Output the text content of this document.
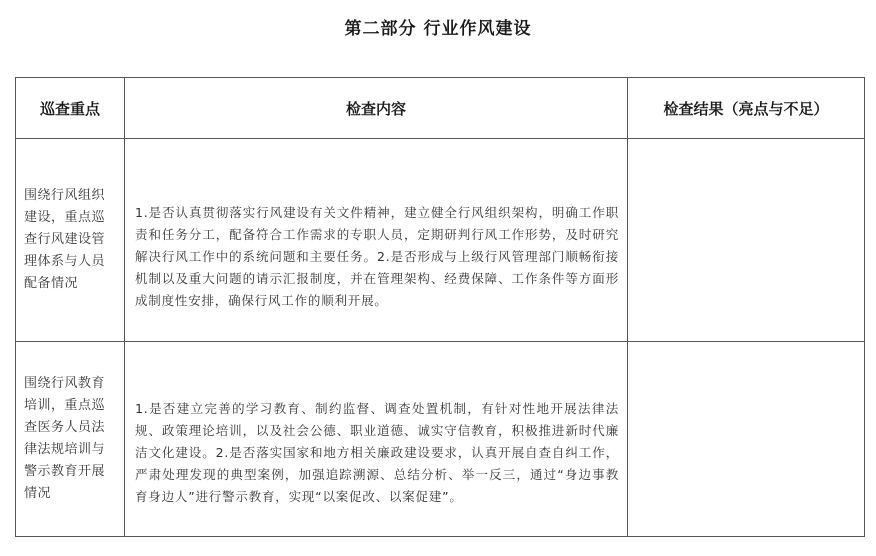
第二部分 行业作风建设
巡查重点	检查内容	检查结果（亮点与不足）

围绕行风组织建设，重点巡查行风建设管理体系与人员配备情况	1.是否认真贯彻落实行风建设有关文件精神，建立健全行风组织架构，明确工作职责和任务分工，配备符合工作需求的专职人员，定期研判行风工作形势，及时研究解决行风工作中的系统问题和主要任务。2.是否形成与上级行风管理部门顺畅衔接机制以及重大问题的请示汇报制度，并在管理架构、经费保障、工作条件等方面形成制度性安排，确保行风工作的顺利开展。	

围绕行风教育培训，重点巡查医务人员法律法规培训与警示教育开展情况	1.是否建立完善的学习教育、制约监督、调查处置机制，有针对性地开展法律法规、政策理论培训，以及社会公德、职业道德、诚实守信教育，积极推进新时代廉洁文化建设。2.是否落实国家和地方相关廉政建设要求，认真开展自查自纠工作，严肃处理发现的典型案例，加强追踪溯源、总结分析、举一反三，通过“身边事教育身边人”进行警示教育，实现“以案促改、以案促建”。	
